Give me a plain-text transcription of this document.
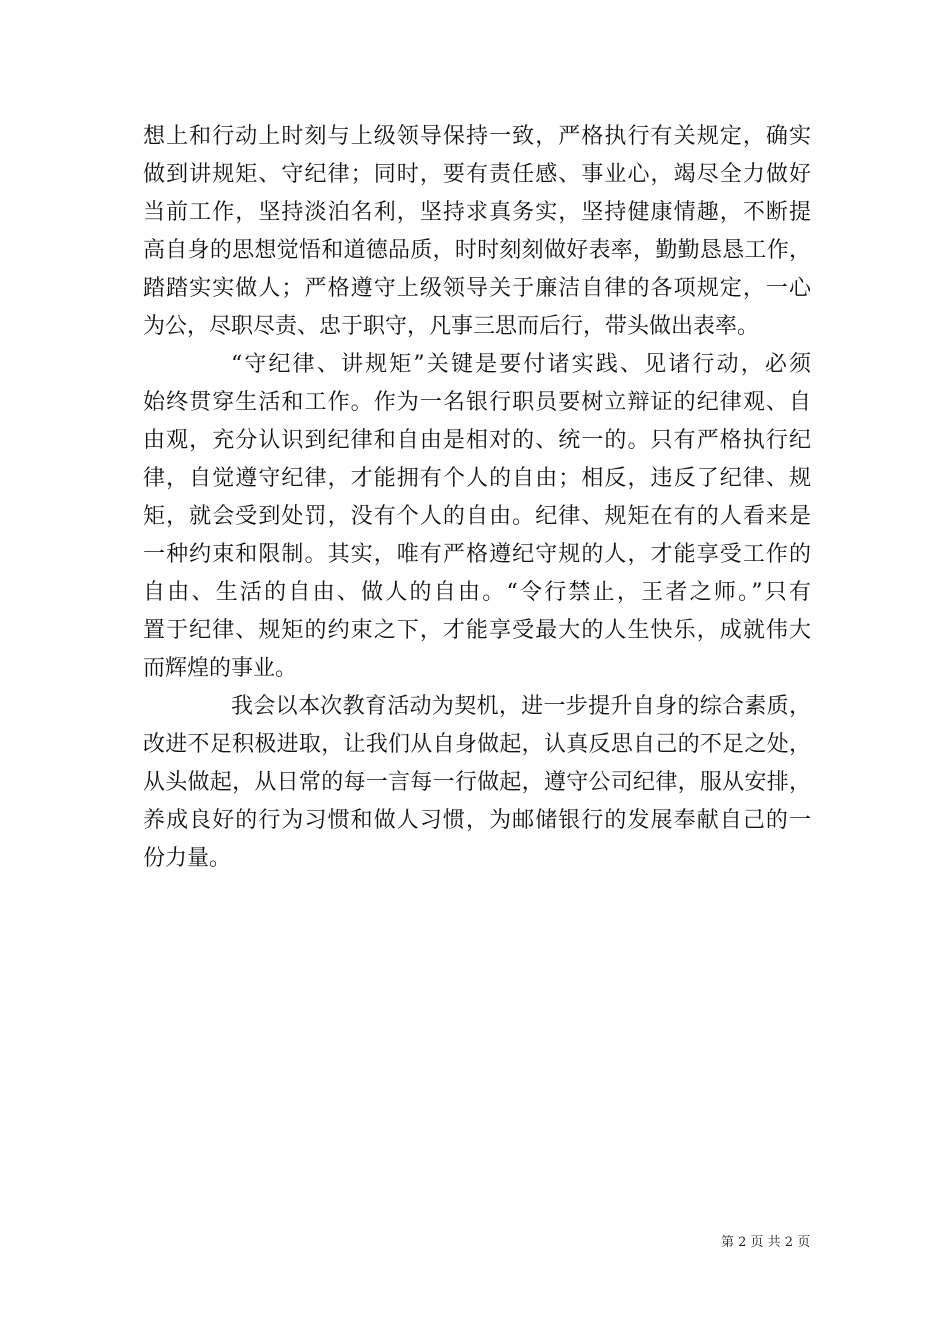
想上和行动上时刻与上级领导保持一致，严格执行有关规定，确实
做到讲规矩、守纪律；同时，要有责任感、事业心，竭尽全力做好
当前工作，坚持淡泊名利，坚持求真务实，坚持健康情趣，不断提
高自身的思想觉悟和道德品质，时时刻刻做好表率，勤勤恳恳工作，
踏踏实实做人；严格遵守上级领导关于廉洁自律的各项规定，一心
为公，尽职尽责、忠于职守，凡事三思而后行，带头做出表率。
“守纪律、讲规矩”关键是要付诸实践、见诸行动，必须
始终贯穿生活和工作。作为一名银行职员要树立辩证的纪律观、自
由观，充分认识到纪律和自由是相对的、统一的。只有严格执行纪
律，自觉遵守纪律，才能拥有个人的自由；相反，违反了纪律、规
矩，就会受到处罚，没有个人的自由。纪律、规矩在有的人看来是
一种约束和限制。其实，唯有严格遵纪守规的人，才能享受工作的
自由、生活的自由、做人的自由。“令行禁止，王者之师。”只有
置于纪律、规矩的约束之下，才能享受最大的人生快乐，成就伟大
而辉煌的事业。
我会以本次教育活动为契机，进一步提升自身的综合素质，
改进不足积极进取，让我们从自身做起，认真反思自己的不足之处，
从头做起，从日常的每一言每一行做起，遵守公司纪律，服从安排，
养成良好的行为习惯和做人习惯，为邮储银行的发展奉献自己的一
份力量。
第 2 页 共 2 页
